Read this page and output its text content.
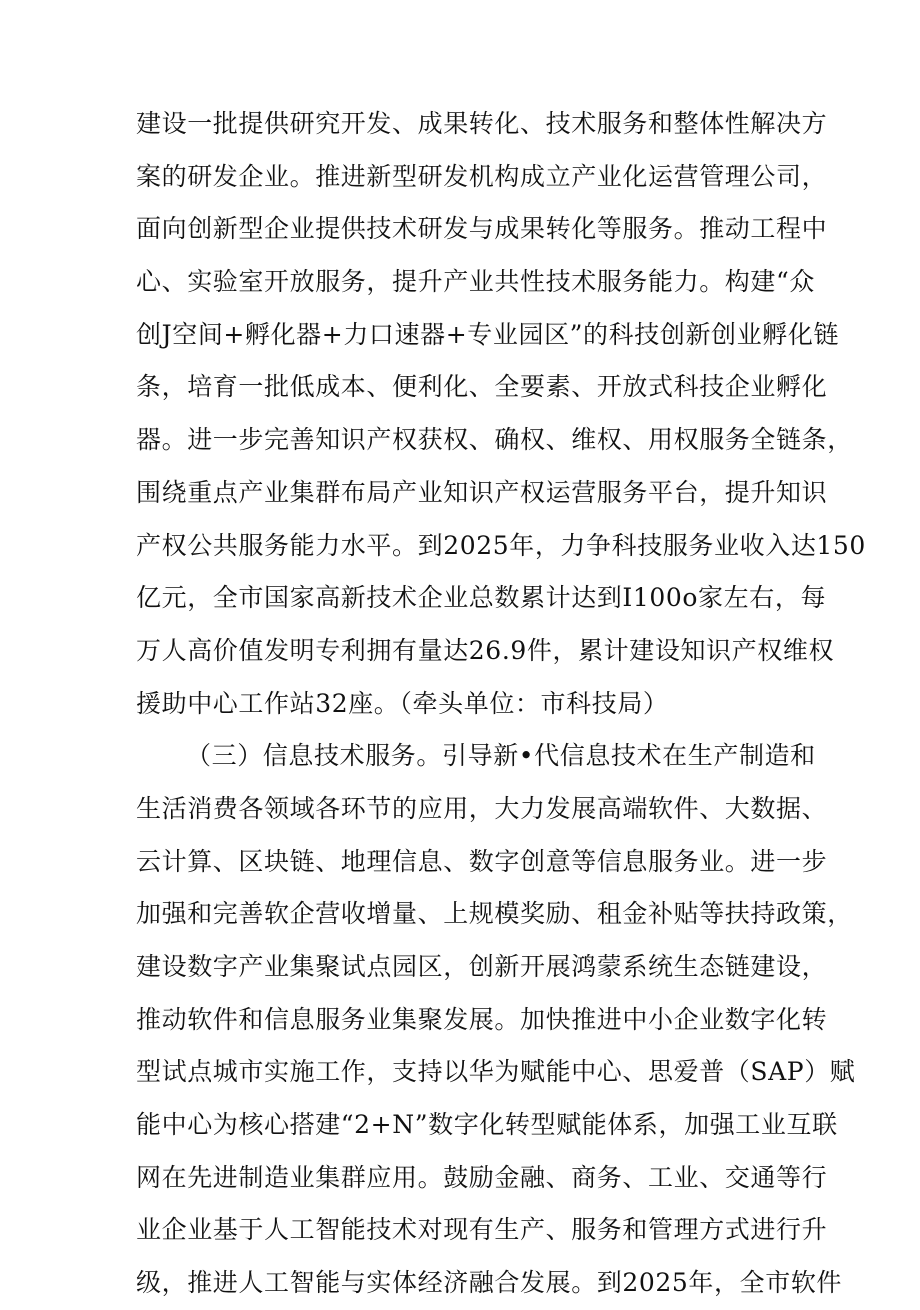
建设一批提供研究开发、成果转化、技术服务和整体性解决方
案的研发企业。推进新型研发机构成立产业化运营管理公司，
面向创新型企业提供技术研发与成果转化等服务。推动工程中
心、实验室开放服务，提升产业共性技术服务能力。构建“众
创J空间+孵化器+力口速器+专业园区”的科技创新创业孵化链
条，培育一批低成本、便利化、全要素、开放式科技企业孵化
器。进一步完善知识产权获权、确权、维权、用权服务全链条，
围绕重点产业集群布局产业知识产权运营服务平台，提升知识
产权公共服务能力水平。到2025年，力争科技服务业收入达150
亿元，全市国家高新技术企业总数累计达到I100o家左右，每
万人高价值发明专利拥有量达26.9件，累计建设知识产权维权
援助中心工作站32座。（牵头单位：市科技局）
（三）信息技术服务。引导新•代信息技术在生产制造和
生活消费各领域各环节的应用，大力发展高端软件、大数据、
云计算、区块链、地理信息、数字创意等信息服务业。进一步
加强和完善软企营收增量、上规模奖励、租金补贴等扶持政策，
建设数字产业集聚试点园区，创新开展鸿蒙系统生态链建设，
推动软件和信息服务业集聚发展。加快推进中小企业数字化转
型试点城市实施工作，支持以华为赋能中心、思爱普（SAP）赋
能中心为核心搭建“2+N”数字化转型赋能体系，加强工业互联
网在先进制造业集群应用。鼓励金融、商务、工业、交通等行
业企业基于人工智能技术对现有生产、服务和管理方式进行升
级，推进人工智能与实体经济融合发展。到2025年，全市软件
